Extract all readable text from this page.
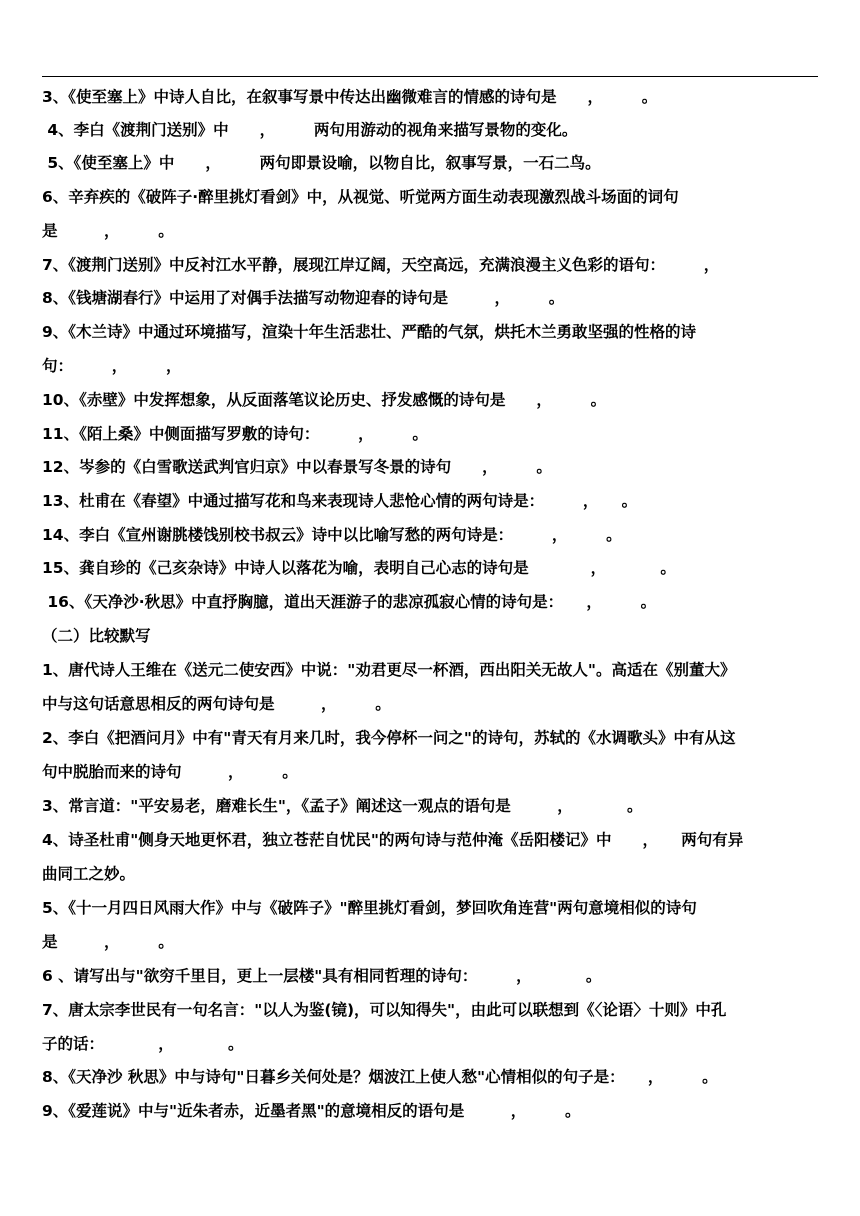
3、《使至塞上》中诗人自比，在叙事写景中传达出幽微难言的情感的诗句是　　，　　　。
4、李白《渡荆门送别》中　　，　　　两句用游动的视角来描写景物的变化。
5、《使至塞上》中　　，　　　两句即景设喻，以物自比，叙事写景，一石二鸟。
6、辛弃疾的《破阵子·醉里挑灯看剑》中，从视觉、听觉两方面生动表现激烈战斗场面的词句
是　　　，　　　。
7、《渡荆门送别》中反衬江水平静，展现江岸辽阔，天空高远，充满浪漫主义色彩的语句：　　　，
8、《钱塘湖春行》中运用了对偶手法描写动物迎春的诗句是　　　，　　　。
9、《木兰诗》中通过环境描写，渲染十年生活悲壮、严酷的气氛，烘托木兰勇敢坚强的性格的诗
句：　　　，　　　，
10、《赤壁》中发挥想象，从反面落笔议论历史、抒发感慨的诗句是　　，　　　。
11、《陌上桑》中侧面描写罗敷的诗句：　　　，　　　。
12、岑参的《白雪歌送武判官归京》中以春景写冬景的诗句　　，　　　。
13、杜甫在《春望》中通过描写花和鸟来表现诗人悲怆心情的两句诗是：　　　，　　。
14、李白《宣州谢朓楼饯别校书叔云》诗中以比喻写愁的两句诗是：　　　，　　　。
15、龚自珍的《己亥杂诗》中诗人以落花为喻，表明自己心志的诗句是　　　　，　　　　。
16、《天净沙·秋思》中直抒胸臆，道出天涯游子的悲凉孤寂心情的诗句是：　　，　　　。
（二）比较默写
1、唐代诗人王维在《送元二使安西》中说："劝君更尽一杯酒，西出阳关无故人"。高适在《别董大》
中与这句话意思相反的两句诗句是　　　，　　　。
2、李白《把酒问月》中有"青天有月来几时，我今停杯一问之"的诗句，苏轼的《水调歌头》中有从这
句中脱胎而来的诗句　　　，　　　。
3、常言道："平安易老，磨难长生"，《孟子》阐述这一观点的语句是　　　，　　　　。
4、诗圣杜甫"侧身天地更怀君，独立苍茫自忧民"的两句诗与范仲淹《岳阳楼记》中　　，　　两句有异
曲同工之妙。
5、《十一月四日风雨大作》中与《破阵子》"醉里挑灯看剑，梦回吹角连营"两句意境相似的诗句
是　　　，　　　。
6 、请写出与"欲穷千里目，更上一层楼"具有相同哲理的诗句：　　　，　　　　。
7、唐太宗李世民有一句名言："以人为鉴(镜)，可以知得失"，由此可以联想到《〈论语〉十则》中孔
子的话：　　　　，　　　　。
8、《天净沙 秋思》中与诗句"日暮乡关何处是？烟波江上使人愁"心情相似的句子是：　　，　　　。
9、《爱莲说》中与"近朱者赤，近墨者黑"的意境相反的语句是　　　，　　　。
